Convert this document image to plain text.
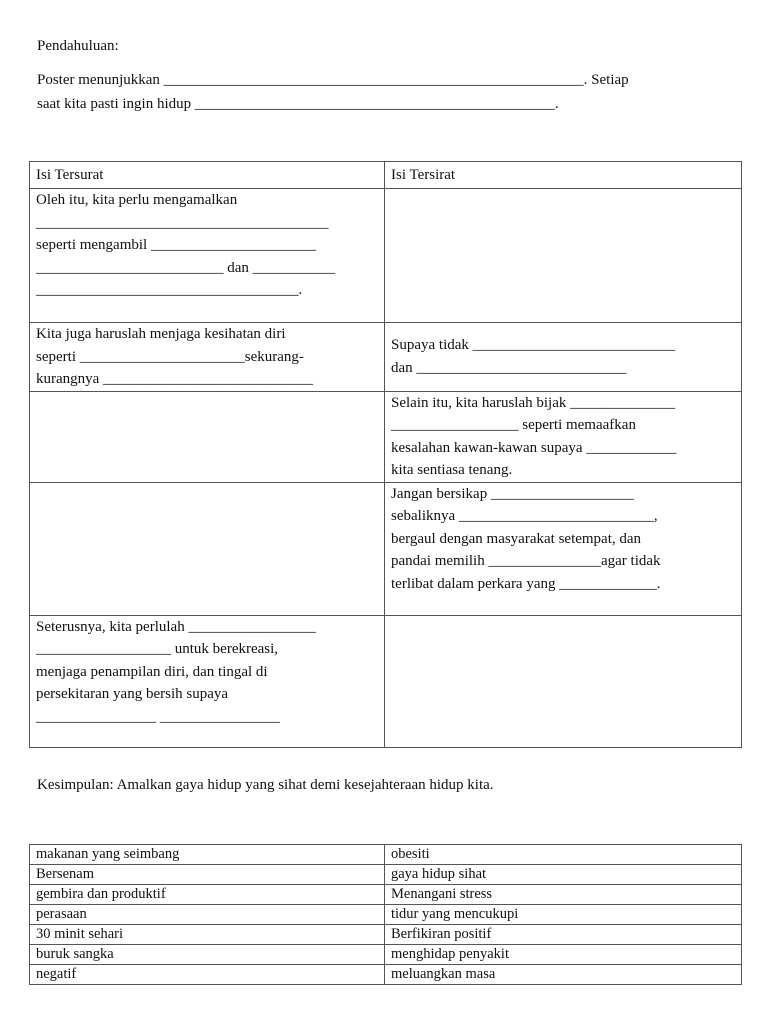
Pendahuluan:
Poster menunjukkan ________________________________________________________. Setiap
saat kita pasti ingin hidup ________________________________________________.
Isi Tersurat	Isi Tersirat

Oleh itu, kita perlu mengamalkan
_______________________________________
seperti mengambil ______________________
_________________________ dan ___________
___________________________________.	

Kita juga haruslah menjaga kesihatan diri
seperti ______________________sekurang-
kurangnya ____________________________	Supaya tidak ___________________________
dan ____________________________

	Selain itu, kita haruslah bijak ______________
_________________ seperti memaafkan
kesalahan kawan-kawan supaya ____________
kita sentiasa tenang.

	Jangan bersikap ___________________
sebaliknya __________________________,
bergaul dengan masyarakat setempat, dan
pandai memilih _______________agar tidak
terlibat dalam perkara yang _____________.

Seterusnya, kita perlulah _________________
__________________ untuk berekreasi,
menjaga penampilan diri, dan tingal di
persekitaran yang bersih supaya
________________ ________________	

Kesimpulan: Amalkan gaya hidup yang sihat demi kesejahteraan hidup kita.
makanan yang seimbang	obesiti
Bersenam	gaya hidup sihat
gembira dan produktif	Menangani stress
perasaan	tidur yang mencukupi
30 minit sehari	Berfikiran positif
buruk sangka	menghidap penyakit
negatif	meluangkan masa
